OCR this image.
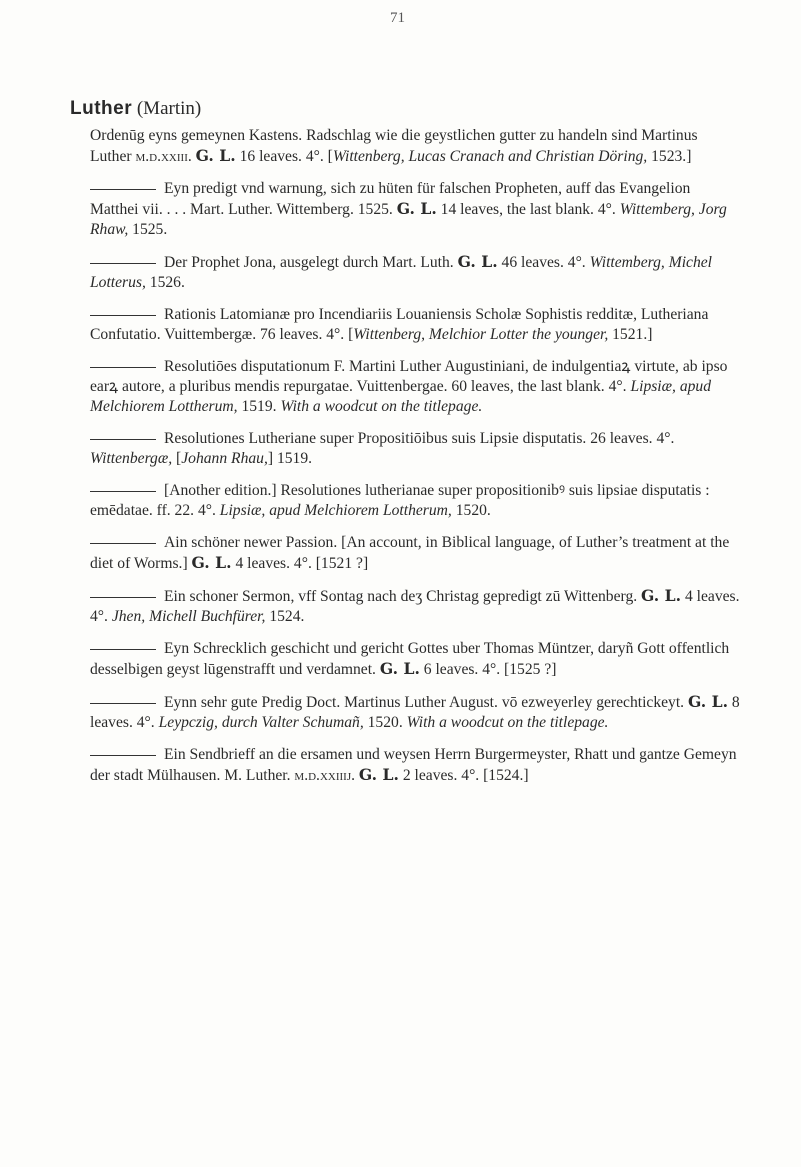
71
Luther (Martin)
Ordenūg eyns gemeynen Kastens. Radschlag wie die geystlichen gutter zu handeln sind Martinus Luther m.d.xxiii. G. L. 16 leaves. 4°. [Wittenberg, Lucas Cranach and Christian Döring, 1523.]
Eyn predigt vnd warnung, sich zu hüten für falschen Propheten, auff das Evangelion Matthei vii. . . . Mart. Luther. Wittemberg. 1525. G. L. 14 leaves, the last blank. 4°. Wittemberg, Jorg Rhaw, 1525.
Der Prophet Jona, ausgelegt durch Mart. Luth. G. L. 46 leaves. 4°. Wittemberg, Michel Lotterus, 1526.
Rationis Latomianæ pro Incendiariis Louaniensis Scholæ Sophistis redditæ, Lutheriana Confutatio. Vuittembergæ. 76 leaves. 4°. [Wittenberg, Melchior Lotter the younger, 1521.]
Resolutiōes disputationum F. Martini Luther Augustiniani, de indulgentiaꝝ virtute, ab ipso earꝝ autore, a pluribus mendis repurgatae. Vuittenbergae. 60 leaves, the last blank. 4°. Lipsiæ, apud Melchiorem Lottherum, 1519. With a woodcut on the titlepage.
Resolutiones Lutheriane super Propositiōibus suis Lipsie disputatis. 26 leaves. 4°. Wittenbergæ, [Johann Rhau,] 1519.
[Another edition.] Resolutiones lutherianae super propositionibꝰ suis lipsiae disputatis : emēdatae. ff. 22. 4°. Lipsiæ, apud Melchiorem Lottherum, 1520.
Ain schöner newer Passion. [An account, in Biblical language, of Luther’s treatment at the diet of Worms.] G. L. 4 leaves. 4°. [1521 ?]
Ein schoner Sermon, vff Sontag nach deʒ Christag gepredigt zū Wittenberg. G. L. 4 leaves. 4°. Jhen, Michell Buchfürer, 1524.
Eyn Schrecklich geschicht und gericht Gottes uber Thomas Müntzer, daryñ Gott offentlich desselbigen geyst lūgenstrafft und verdamnet. G. L. 6 leaves. 4°. [1525 ?]
Eynn sehr gute Predig Doct. Martinus Luther August. vō ezweyerley gerechtickeyt. G. L. 8 leaves. 4°. Leypczig, durch Valter Schumañ, 1520. With a woodcut on the titlepage.
Ein Sendbrieff an die ersamen und weysen Herrn Burgermeyster, Rhatt und gantze Gemeyn der stadt Mülhausen. M. Luther. m.d.xxiiij. G. L. 2 leaves. 4°. [1524.]
